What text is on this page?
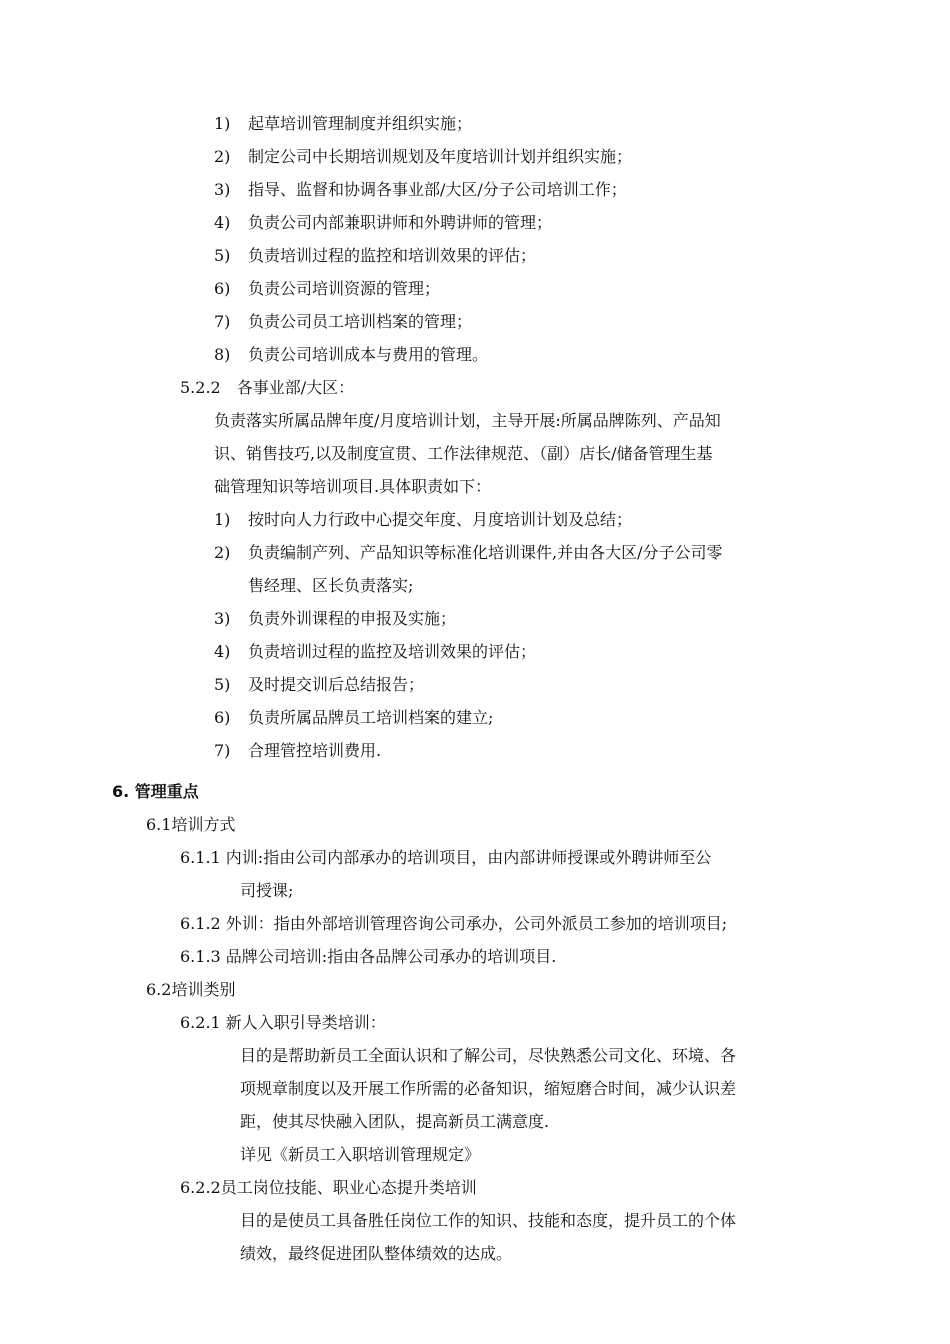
1) 起草培训管理制度并组织实施；
2) 制定公司中长期培训规划及年度培训计划并组织实施；
3) 指导、监督和协调各事业部/大区/分子公司培训工作；
4) 负责公司内部兼职讲师和外聘讲师的管理；
5) 负责培训过程的监控和培训效果的评估；
6) 负责公司培训资源的管理；
7) 负责公司员工培训档案的管理；
8) 负责公司培训成本与费用的管理。
5.2.2　各事业部/大区：
负责落实所属品牌年度/月度培训计划，主导开展:所属品牌陈列、产品知
识、销售技巧,以及制度宣贯、工作法律规范、（副）店长/储备管理生基
础管理知识等培训项目.具体职责如下：
1) 按时向人力行政中心提交年度、月度培训计划及总结；
2) 负责编制产列、产品知识等标准化培训课件,并由各大区/分子公司零
售经理、区长负责落实;
3) 负责外训课程的申报及实施；
4) 负责培训过程的监控及培训效果的评估；
5) 及时提交训后总结报告；
6) 负责所属品牌员工培训档案的建立;
7) 合理管控培训费用.
6. 管理重点
6.1培训方式
6.1.1 内训:指由公司内部承办的培训项目，由内部讲师授课或外聘讲师至公
司授课;
6.1.2 外训：指由外部培训管理咨询公司承办，公司外派员工参加的培训项目;
6.1.3 品牌公司培训:指由各品牌公司承办的培训项目.
6.2培训类别
6.2.1 新人入职引导类培训：
目的是帮助新员工全面认识和了解公司，尽快熟悉公司文化、环境、各
项规章制度以及开展工作所需的必备知识，缩短磨合时间，减少认识差
距，使其尽快融入团队，提高新员工满意度.
详见《新员工入职培训管理规定》
6.2.2员工岗位技能、职业心态提升类培训
目的是使员工具备胜任岗位工作的知识、技能和态度，提升员工的个体
绩效，最终促进团队整体绩效的达成。
